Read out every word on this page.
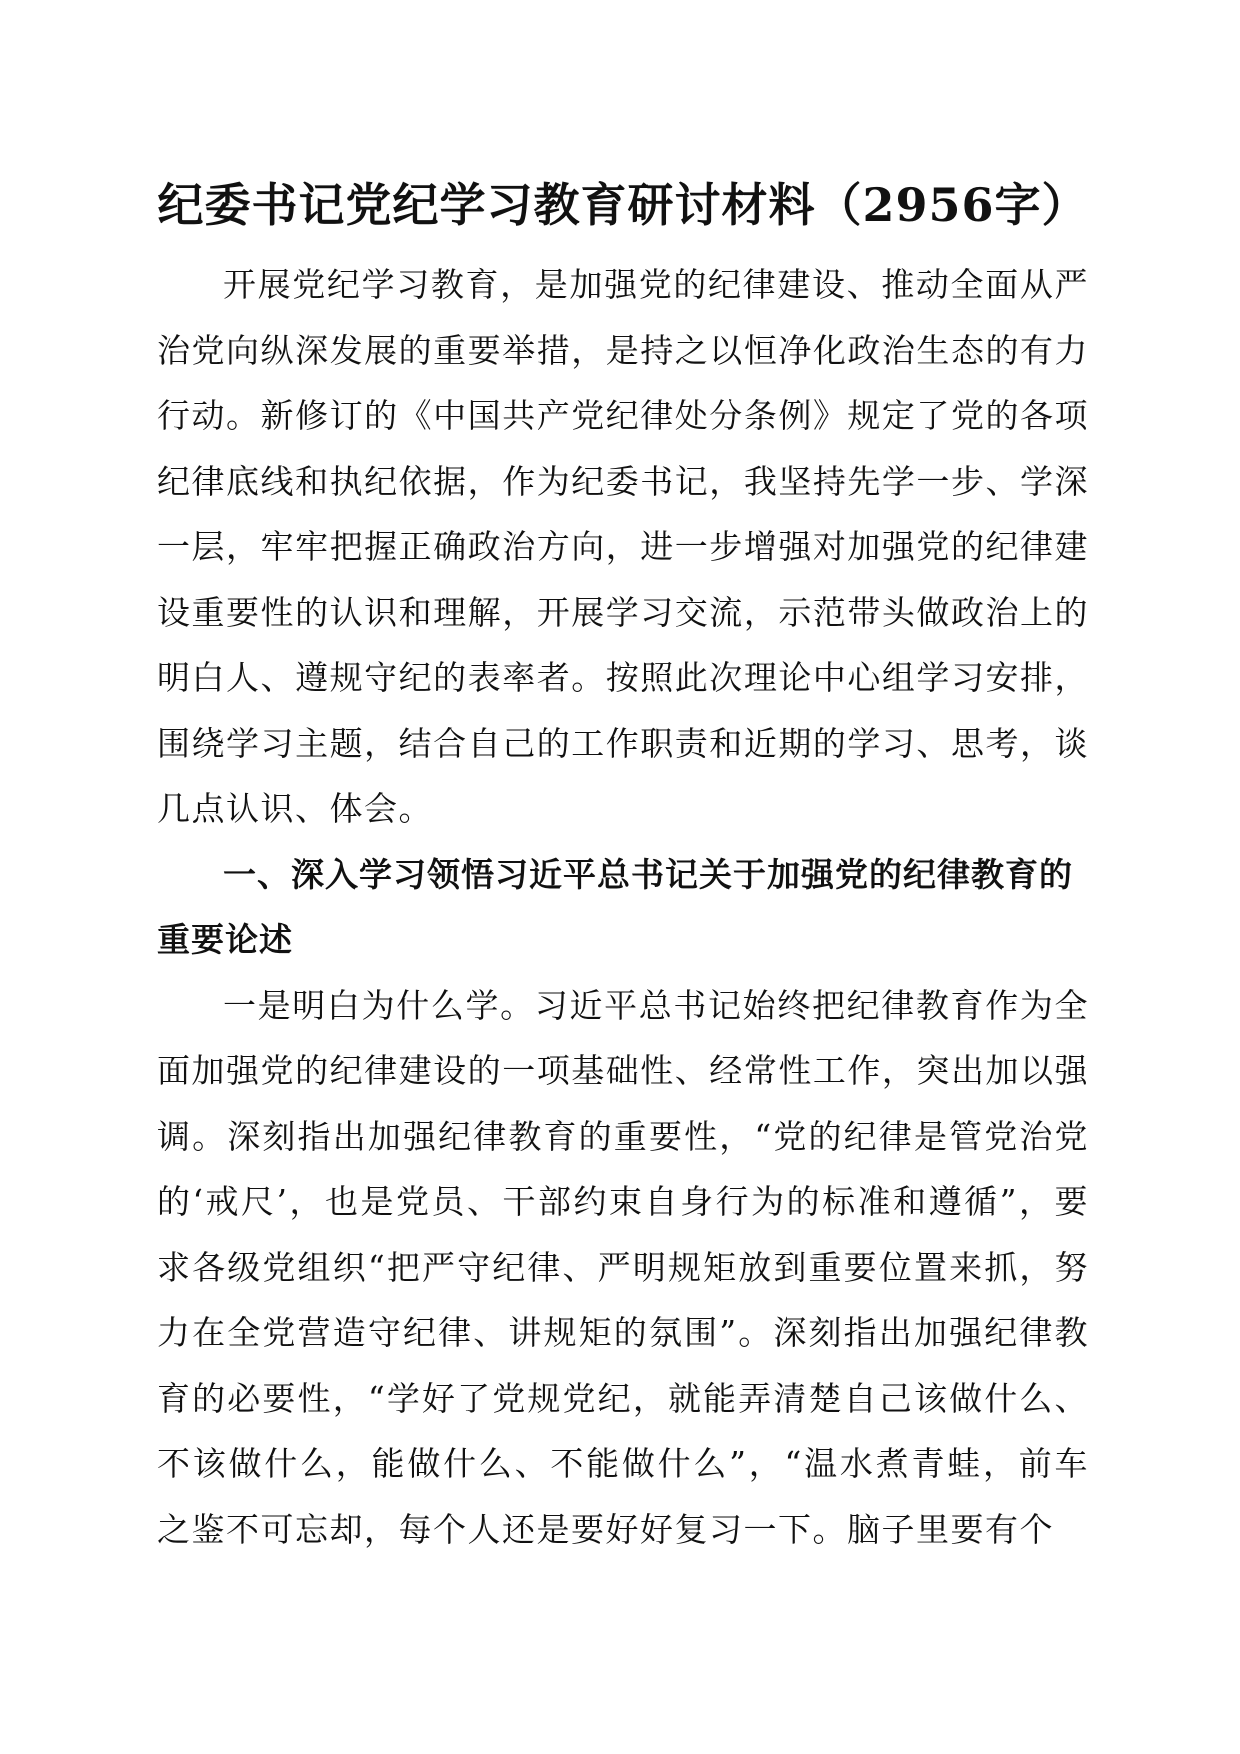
纪委书记党纪学习教育研讨材料（2956字）

开展党纪学习教育，是加强党的纪律建设、推动全面从严治党向纵深发展的重要举措，是持之以恒净化政治生态的有力行动。新修订的《中国共产党纪律处分条例》规定了党的各项纪律底线和执纪依据，作为纪委书记，我坚持先学一步、学深一层，牢牢把握正确政治方向，进一步增强对加强党的纪律建设重要性的认识和理解，开展学习交流，示范带头做政治上的明白人、遵规守纪的表率者。按照此次理论中心组学习安排，围绕学习主题，结合自己的工作职责和近期的学习、思考，谈几点认识、体会。

一、深入学习领悟习近平总书记关于加强党的纪律教育的重要论述

一是明白为什么学。习近平总书记始终把纪律教育作为全面加强党的纪律建设的一项基础性、经常性工作，突出加以强调。深刻指出加强纪律教育的重要性，“党的纪律是管党治党的‘戒尺’，也是党员、干部约束自身行为的标准和遵循”，要求各级党组织“把严守纪律、严明规矩放到重要位置来抓，努力在全党营造守纪律、讲规矩的氛围”。深刻指出加强纪律教育的必要性，“学好了党规党纪，就能弄清楚自己该做什么、不该做什么，能做什么、不能做什么”，“温水煮青蛙，前车之鉴不可忘却，每个人还是要好好复习一下。脑子里要有个
